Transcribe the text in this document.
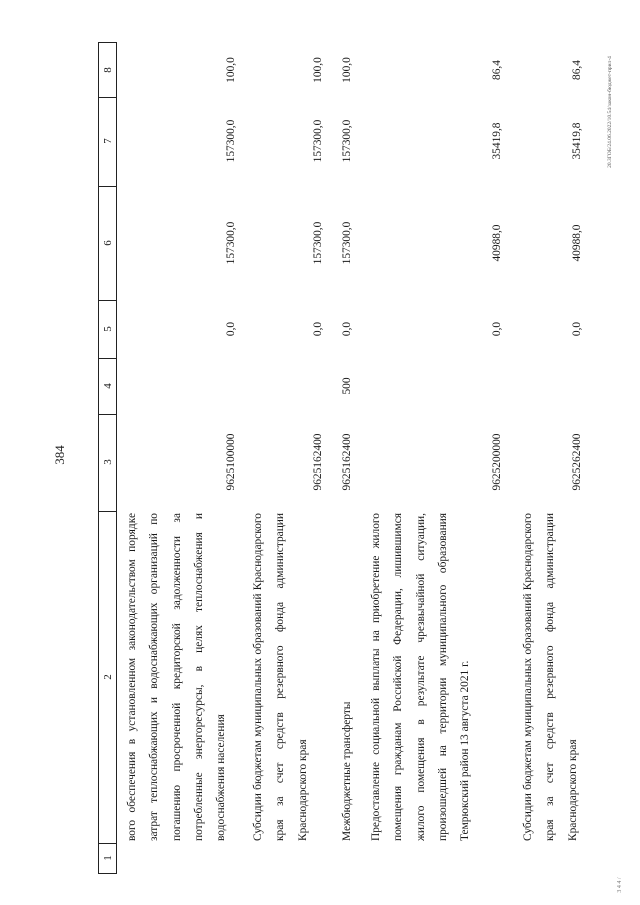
384
20.3ГОБ/24.06.2022/10.54/закон-бюджет-прил-4
3 4 4 /
1
2
3
4
5
6
7
8
вого обеспечения в установленном законодательством порядке затрат теплоснабжающих и водоснабжающих организаций по погашению просроченной кредиторской задолженности за потребленные энергоресурсы, в целях теплоснабжения и водоснабжения населения
9625100000
0,0
157300,0
157300,0
100,0
Субсидии бюджетам муниципальных образований Краснодарского края за счет средств резервного фонда администрации Краснодарского края
9625162400
0,0
157300,0
157300,0
100,0
Межбюджетные трансферты
9625162400
500
0,0
157300,0
157300,0
100,0
Предоставление социальной выплаты на приобретение жилого помещения гражданам Российской Федерации, лишившимся жилого помещения в результате чрезвычайной ситуации, произошедшей на территории муниципального образования Темрюкский район 13 августа 2021 г.
9625200000
0,0
40988,0
35419,8
86,4
Субсидии бюджетам муниципальных образований Краснодарского края за счет средств резервного фонда администрации Краснодарского края
9625262400
0,0
40988,0
35419,8
86,4
